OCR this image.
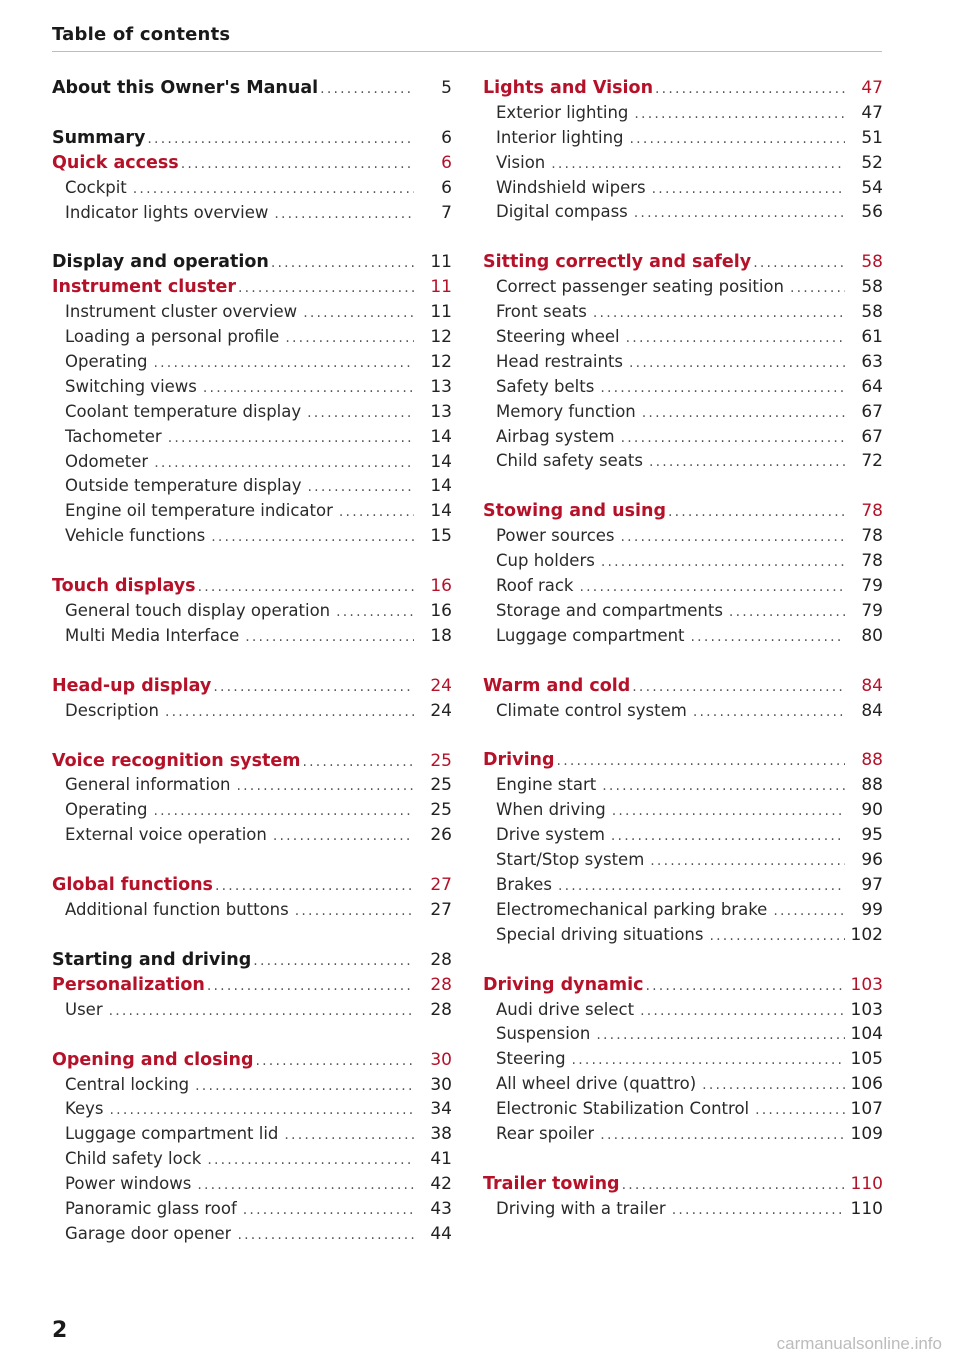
Table of contents
About this Owner's Manual .....	5
Summary .....	6
Quick access .....	6
Cockpit .....	6
Indicator lights overview .....	7
Display and operation .....	11
Instrument cluster .....	11
Instrument cluster overview .....	11
Loading a personal profile .....	12
Operating .....	12
Switching views .....	13
Coolant temperature display .....	13
Tachometer .....	14
Odometer .....	14
Outside temperature display .....	14
Engine oil temperature indicator .....	14
Vehicle functions .....	15
Touch displays .....	16
General touch display operation .....	16
Multi Media Interface .....	18
Head-up display .....	24
Description .....	24
Voice recognition system .....	25
General information .....	25
Operating .....	25
External voice operation .....	26
Global functions .....	27
Additional function buttons .....	27
Starting and driving .....	28
Personalization .....	28
User .....	28
Opening and closing .....	30
Central locking .....	30
Keys .....	34
Luggage compartment lid .....	38
Child safety lock .....	41
Power windows .....	42
Panoramic glass roof .....	43
Garage door opener .....	44
Lights and Vision .....	47
Exterior lighting .....	47
Interior lighting .....	51
Vision .....	52
Windshield wipers .....	54
Digital compass .....	56
Sitting correctly and safely .....	58
Correct passenger seating position .....	58
Front seats .....	58
Steering wheel .....	61
Head restraints .....	63
Safety belts .....	64
Memory function .....	67
Airbag system .....	67
Child safety seats .....	72
Stowing and using .....	78
Power sources .....	78
Cup holders .....	78
Roof rack .....	79
Storage and compartments .....	79
Luggage compartment .....	80
Warm and cold .....	84
Climate control system .....	84
Driving .....	88
Engine start .....	88
When driving .....	90
Drive system .....	95
Start/Stop system .....	96
Brakes .....	97
Electromechanical parking brake .....	99
Special driving situations .....	102
Driving dynamic .....	103
Audi drive select .....	103
Suspension .....	104
Steering .....	105
All wheel drive (quattro) .....	106
Electronic Stabilization Control .....	107
Rear spoiler .....	109
Trailer towing .....	110
Driving with a trailer .....	110
2
carmanualsonline.info
